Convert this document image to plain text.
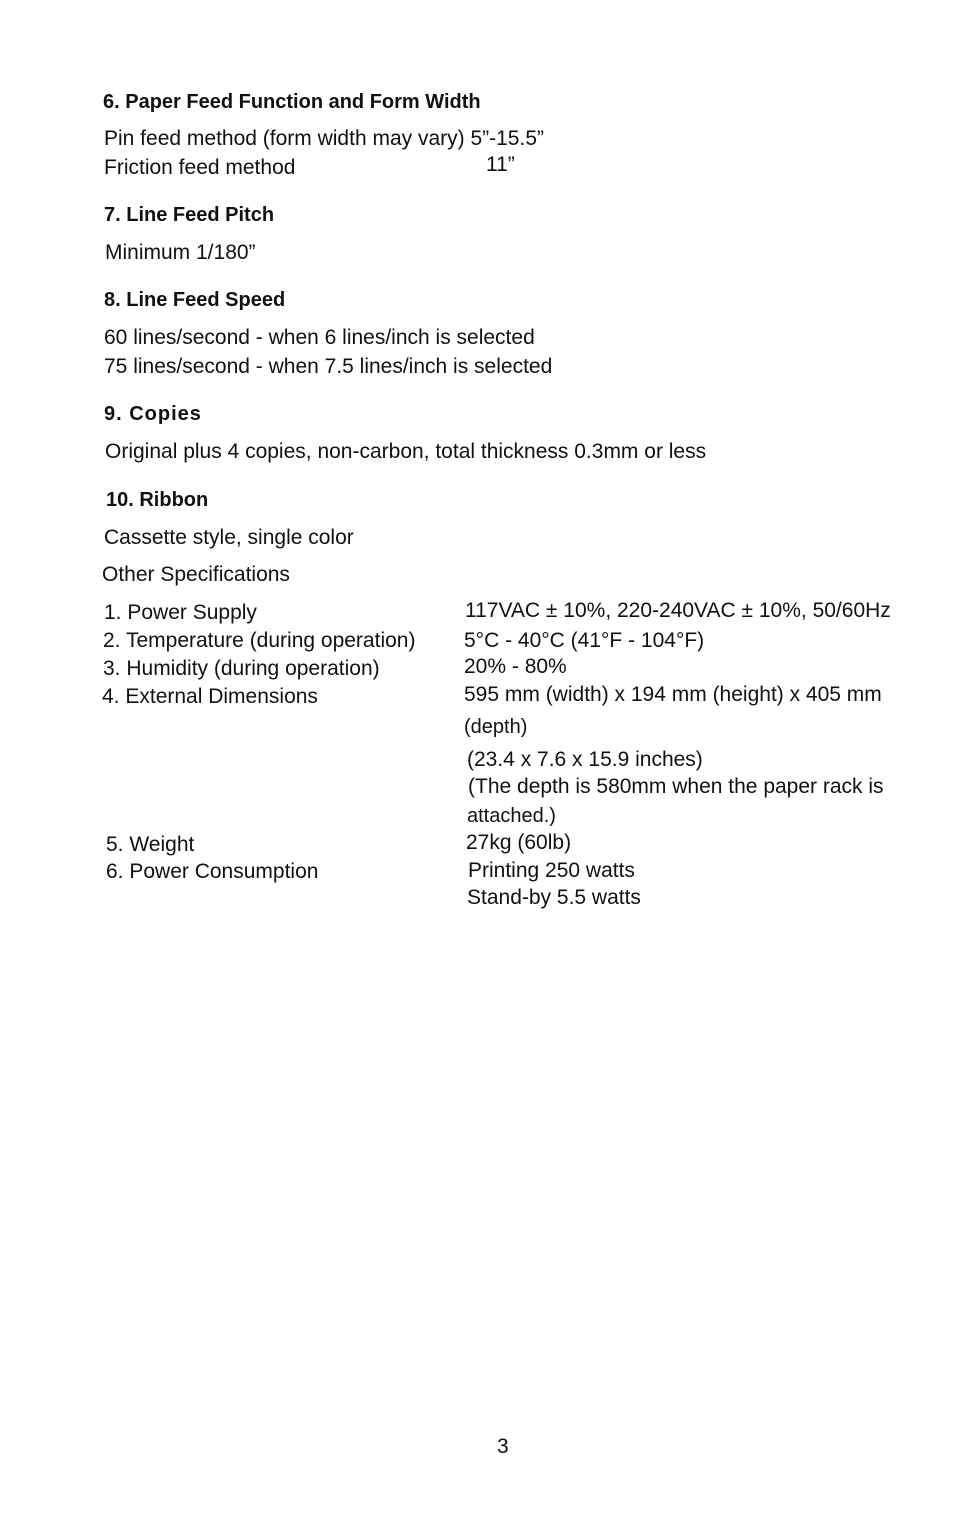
6. Paper Feed Function and Form Width
Pin feed method (form width may vary) 5”-15.5”
Friction feed method	11”
7. Line Feed Pitch
Minimum 1/180”
8. Line Feed Speed
60 lines/second - when 6 lines/inch is selected
75 lines/second - when 7.5 lines/inch is selected
9. Copies
Original plus 4 copies, non-carbon, total thickness 0.3mm or less
10. Ribbon
Cassette style, single color
Other Specifications
1. Power Supply	117VAC ± 10%, 220-240VAC ± 10%, 50/60Hz
2. Temperature (during operation) 5°C - 40°C (41°F - 104°F)
3. Humidity (during operation)	20% - 80%
4. External Dimensions	595 mm (width) x 194 mm (height) x 405 mm
(depth)
(23.4 x 7.6 x 15.9 inches)
(The depth is 580mm when the paper rack is
attached.)
5. Weight	27kg (60lb)
6. Power Consumption	Printing 250 watts
Stand-by 5.5 watts
3
